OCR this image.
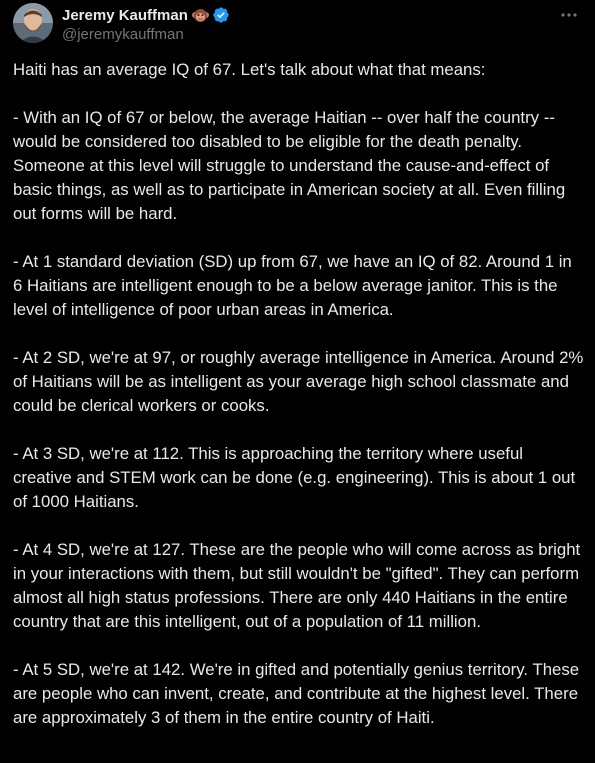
Jeremy Kauffman
@jeremykauffman

Haiti has an average IQ of 67. Let's talk about what that means:

- With an IQ of 67 or below, the average Haitian -- over half the country -- would be considered too disabled to be eligible for the death penalty. Someone at this level will struggle to understand the cause-and-effect of basic things, as well as to participate in American society at all. Even filling out forms will be hard.

- At 1 standard deviation (SD) up from 67, we have an IQ of 82. Around 1 in 6 Haitians are intelligent enough to be a below average janitor. This is the level of intelligence of poor urban areas in America.

- At 2 SD, we're at 97, or roughly average intelligence in America. Around 2% of Haitians will be as intelligent as your average high school classmate and could be clerical workers or cooks.

- At 3 SD, we're at 112. This is approaching the territory where useful creative and STEM work can be done (e.g. engineering). This is about 1 out of 1000 Haitians.

- At 4 SD, we're at 127. These are the people who will come across as bright in your interactions with them, but still wouldn't be "gifted". They can perform almost all high status professions. There are only 440 Haitians in the entire country that are this intelligent, out of a population of 11 million.

- At 5 SD, we're at 142. We're in gifted and potentially genius territory. These are people who can invent, create, and contribute at the highest level. There are approximately 3 of them in the entire country of Haiti.
